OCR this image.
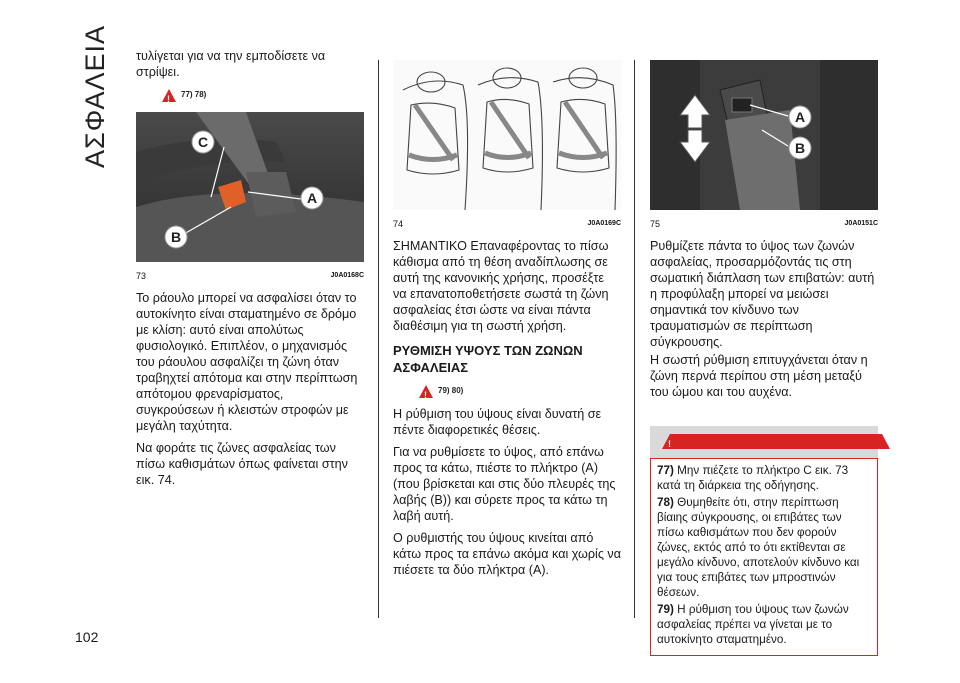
ΑΣΦΑΛΕΙΑ	τυλίγεται για να την εμποδίσετε να στρίψει.

!
77) 78)
C
A
B
73	J0A0168C

Το ράουλο μπορεί να ασφαλίσει όταν το αυτοκίνητο είναι σταματημένο σε δρόμο με κλίση: αυτό είναι απολύτως φυσιολογικό. Επιπλέον, ο μηχανισμός του ράουλου ασφαλίζει τη ζώνη όταν τραβηχτεί απότομα και στην περίπτωση απότομου φρεναρίσματος, συγκρούσεων ή κλειστών στροφών με μεγάλη ταχύτητα.

Να φοράτε τις ζώνες ασφαλείας των πίσω καθισμάτων όπως φαίνεται στην εικ. 74.

74	J0A0169C

ΣΗΜΑΝΤΙΚΟ Επαναφέροντας το πίσω κάθισμα από τη θέση αναδίπλωσης σε αυτή της κανονικής χρήσης, προσέξτε να επανατοποθετήσετε σωστά τη ζώνη ασφαλείας έτσι ώστε να είναι πάντα διαθέσιμη για τη σωστή χρήση.

ΡΥΘΜΙΣΗ ΥΨΟΥΣ ΤΩΝ ΖΩΝΩΝ ΑΣΦΑΛΕΙΑΣ
!
79) 80)

Η ρύθμιση του ύψους είναι δυνατή σε πέντε διαφορετικές θέσεις.

Για να ρυθμίσετε το ύψος, από επάνω προς τα κάτω, πιέστε το πλήκτρο (A) (που βρίσκεται και στις δύο πλευρές της λαβής (B)) και σύρετε προς τα κάτω τη λαβή αυτή.

Ο ρυθμιστής του ύψους κινείται από κάτω προς τα επάνω ακόμα και χωρίς να πιέσετε τα δύο πλήκτρα (A).

A
B
75	J0A0151C

Ρυθμίζετε πάντα το ύψος των ζωνών ασφαλείας, προσαρμόζοντάς τις στη σωματική διάπλαση των επιβατών: αυτή η προφύλαξη μπορεί να μειώσει σημαντικά τον κίνδυνο των τραυματισμών σε περίπτωση σύγκρουσης.

Η σωστή ρύθμιση επιτυγχάνεται όταν η ζώνη περνά περίπου στη μέση μεταξύ του ώμου και του αυχένα.

!
ΠΡΟΣΟΧΗ

77) Μην πιέζετε το πλήκτρο C εικ. 73 κατά τη διάρκεια της οδήγησης.

78) Θυμηθείτε ότι, στην περίπτωση βίαιης σύγκρουσης, οι επιβάτες των πίσω καθισμάτων που δεν φορούν ζώνες, εκτός από το ότι εκτίθενται σε μεγάλο κίνδυνο, αποτελούν κίνδυνο και για τους επιβάτες των μπροστινών θέσεων.

79) Η ρύθμιση του ύψους των ζωνών ασφαλείας πρέπει να γίνεται με το αυτοκίνητο σταματημένο.

102
